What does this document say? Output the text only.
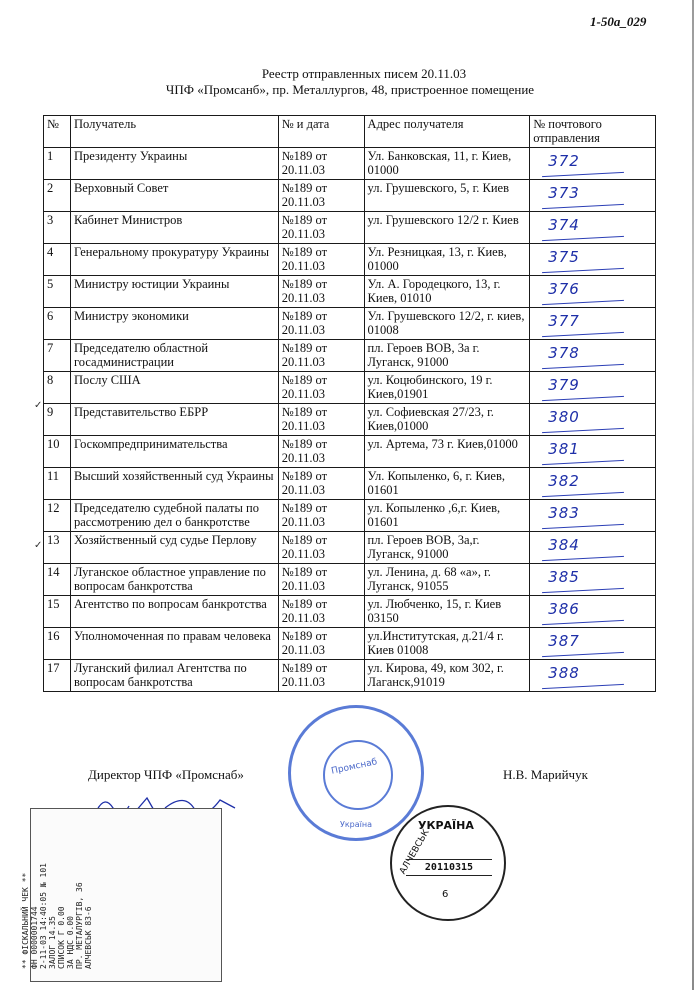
1-50a_029
Реестр отправленных писем 20.11.03
ЧПФ «Промсанб», пр. Металлургов, 48, пристроенное помещение
№	Получатель	№ и дата	Адрес получателя	№ почтового отправления
1	Президенту Украины	№189 от 20.11.03	Ул. Банковская, 11, г. Киев, 01000	372

2	Верховный Совет	№189 от 20.11.03	ул. Грушевского, 5, г. Киев	373

3	Кабинет Министров	№189 от 20.11.03	ул. Грушевского 12/2 г. Киев	374

4	Генеральному прокуратуру Украины	№189 от 20.11.03	Ул. Резницкая, 13, г. Киев, 01000	375

5	Министру юстиции Украины	№189 от 20.11.03	Ул. А. Городецкого, 13, г. Киев, 01010	376

6	Министру экономики	№189 от 20.11.03	Ул. Грушевского 12/2, г. киев, 01008	377

7	Председателю областной госадминистрации	№189 от 20.11.03	пл. Героев ВОВ, 3а г. Луганск, 91000	378

8	Послу США	№189 от 20.11.03	ул. Коцюбинского, 19 г. Киев,01901	379

9	Представительство ЕБРР	№189 от 20.11.03	ул. Софиевская 27/23, г. Киев,01000	380

10	Госкомпредпринимательства	№189 от 20.11.03	ул. Артема, 73 г. Киев,01000	381

11	Высший хозяйственный суд Украины	№189 от 20.11.03	Ул. Копыленко, 6, г. Киев, 01601	382

12	Председателю судебной палаты по рассмотрению дел о банкротстве	№189 от 20.11.03	ул. Копыленко ,6,г. Киев, 01601	383

13	Хозяйственный суд судье Перлову	№189 от 20.11.03	пл. Героев ВОВ, 3а,г. Луганск, 91000	384

14	Луганское областное управление по вопросам банкротства	№189 от 20.11.03	ул. Ленина, д. 68 «а», г. Луганск, 91055	385

15	Агентство по вопросам банкротства	№189 от 20.11.03	ул. Любченко, 15, г. Киев 03150	386

16	Уполномоченная по правам человека	№189 от 20.11.03	ул.Институтская, д.21/4 г. Киев 01008	387

17	Луганский филиал Агентства по вопросам банкротства	№189 от 20.11.03	ул. Кирова, 49, ком 302, г. Лаганск,91019	388
✓
✓
Директор ЧПФ «Промснаб»	Н.В. Марийчук
Промснаб
Україна
** ФІСКАЛЬНИЙ ЧЕК ** ФН 0000001744 2-11-03 14:40:05 № 101 ЗАЛОГ 14.35 СПИСОК Г 0.00 ЗА НДС 0.00 ПР. МЕТАЛУРГІВ, 36 АЛЧЕВСЬК 83-6
УКРАЇНА
АЛЧЕВСЬК
20110315
6
